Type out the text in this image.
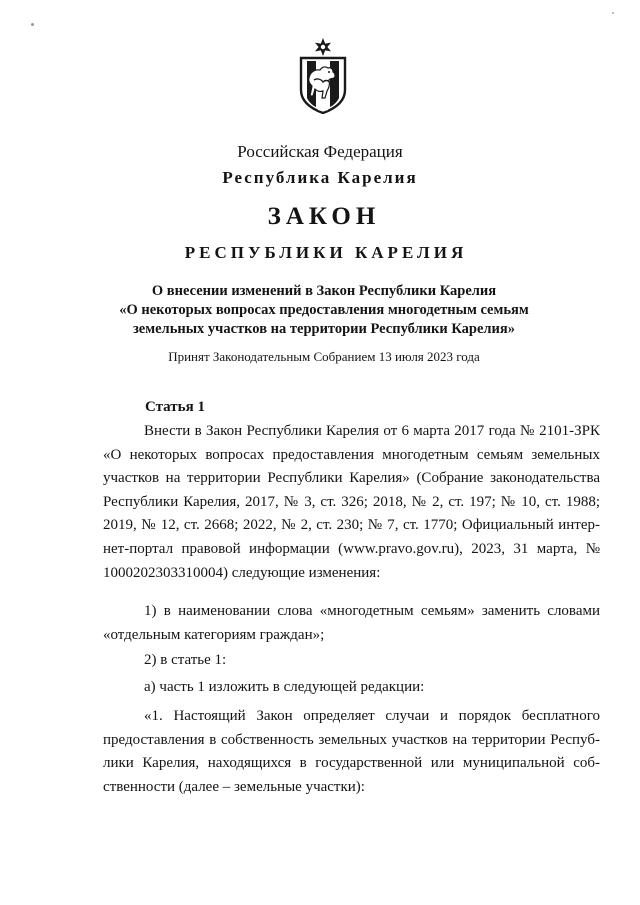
Российская Федерация
Республика Карелия
ЗАКОН
РЕСПУБЛИКИ КАРЕЛИЯ
О внесении изменений в Закон Республики Карелия
«О некоторых вопросах предоставления многодетным семьям
земельных участков на территории Республики Карелия»
Принят Законодательным Собранием 13 июля 2023 года
Статья 1

Внести в Закон Республики Карелия от 6 марта 2017 года № 2101-ЗРК «О некоторых вопросах предоставления многодетным семьям земельных участков на территории Республики Карелия» (Собрание законодательства Республики Карелия, 2017, № 3, ст. 326; 2018, № 2, ст. 197; № 10, ст. 1988; 2019, № 12, ст. 2668; 2022, № 2, ст. 230; № 7, ст. 1770; Официальный интернет-портал правовой информации (www.pravo.gov.ru), 2023, 31 марта, № 1000202303310004) следующие изменения:

1) в наименовании слова «многодетным семьям» заменить словами «отдельным категориям граждан»;

2) в статье 1:

а) часть 1 изложить в следующей редакции:

«1. Настоящий Закон определяет случаи и порядок бесплатного предоставления в собственность земельных участков на территории Республики Карелия, находящихся в государственной или муниципальной собственности (далее – земельные участки):
